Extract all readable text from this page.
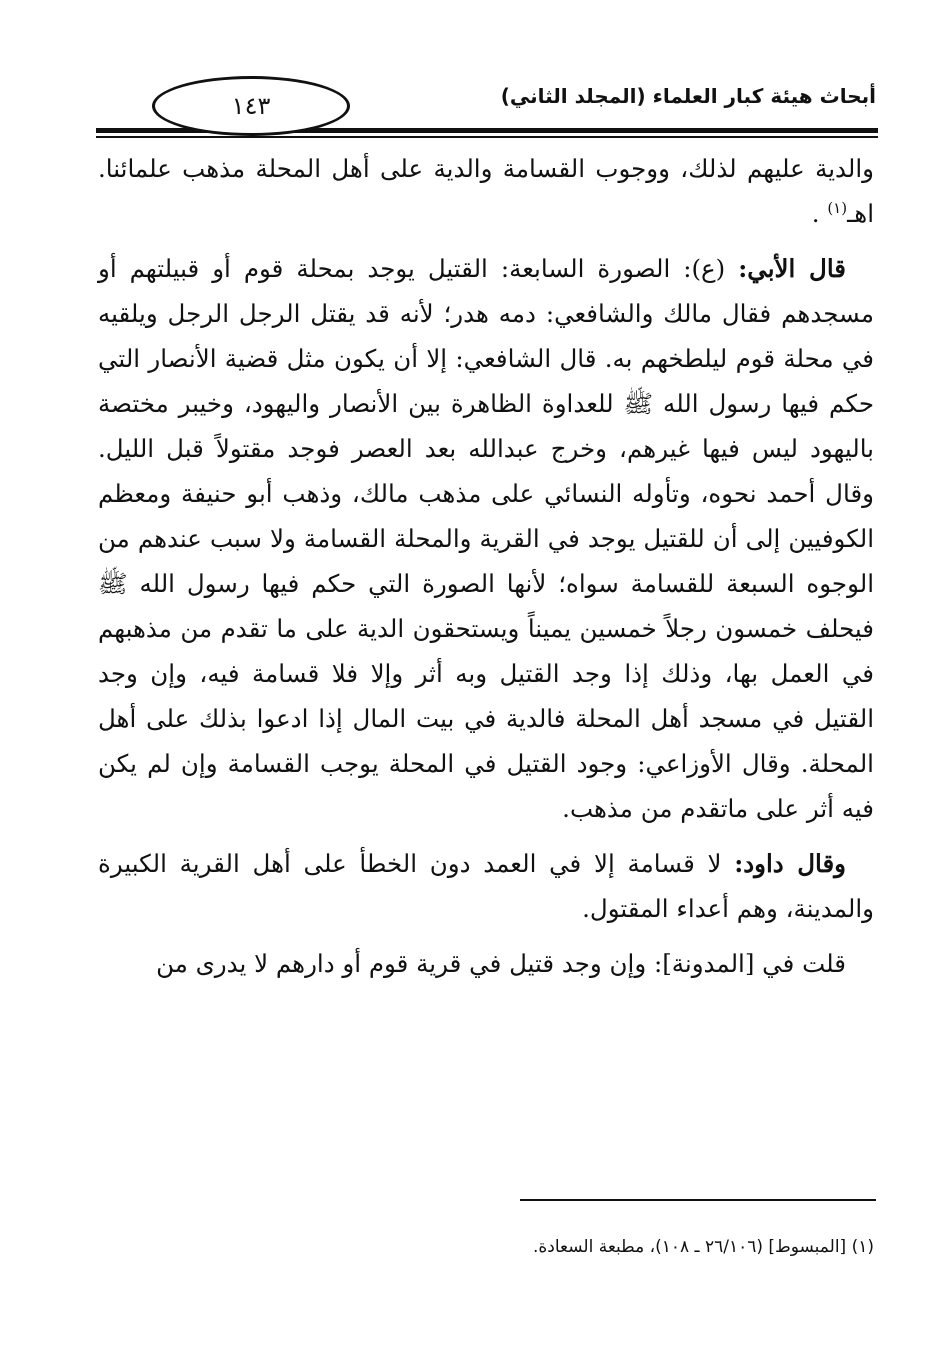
أبحاث هيئة كبار العلماء (المجلد الثاني)
١٤٣

والدية عليهم لذلك، ووجوب القسامة والدية على أهل المحلة مذهب علمائنا. اهـ$^{(١)}$ .

قال الأبي: (ع): الصورة السابعة: القتيل يوجد بمحلة قوم أو قبيلتهم أو مسجدهم فقال مالك والشافعي: دمه هدر؛ لأنه قد يقتل الرجل الرجل ويلقيه في محلة قوم ليلطخهم به. قال الشافعي: إلا أن يكون مثل قضية الأنصار التي حكم فيها رسول الله ﷺ للعداوة الظاهرة بين الأنصار واليهود، وخيبر مختصة باليهود ليس فيها غيرهم، وخرج عبدالله بعد العصر فوجد مقتولاً قبل الليل. وقال أحمد نحوه، وتأوله النسائي على مذهب مالك، وذهب أبو حنيفة ومعظم الكوفيين إلى أن للقتيل يوجد في القرية والمحلة القسامة ولا سبب عندهم من الوجوه السبعة للقسامة سواه؛ لأنها الصورة التي حكم فيها رسول الله ﷺ فيحلف خمسون رجلاً خمسين يميناً ويستحقون الدية على ما تقدم من مذهبهم في العمل بها، وذلك إذا وجد القتيل وبه أثر وإلا فلا قسامة فيه، وإن وجد القتيل في مسجد أهل المحلة فالدية في بيت المال إذا ادعوا بذلك على أهل المحلة. وقال الأوزاعي: وجود القتيل في المحلة يوجب القسامة وإن لم يكن فيه أثر على ماتقدم من مذهب.

وقال داود: لا قسامة إلا في العمد دون الخطأ على أهل القرية الكبيرة والمدينة، وهم أعداء المقتول.

قلت في [المدونة]: وإن وجد قتيل في قرية قوم أو دارهم لا يدرى من

(١) [المبسوط] (٢٦/١٠٦ ـ ١٠٨)، مطبعة السعادة.
